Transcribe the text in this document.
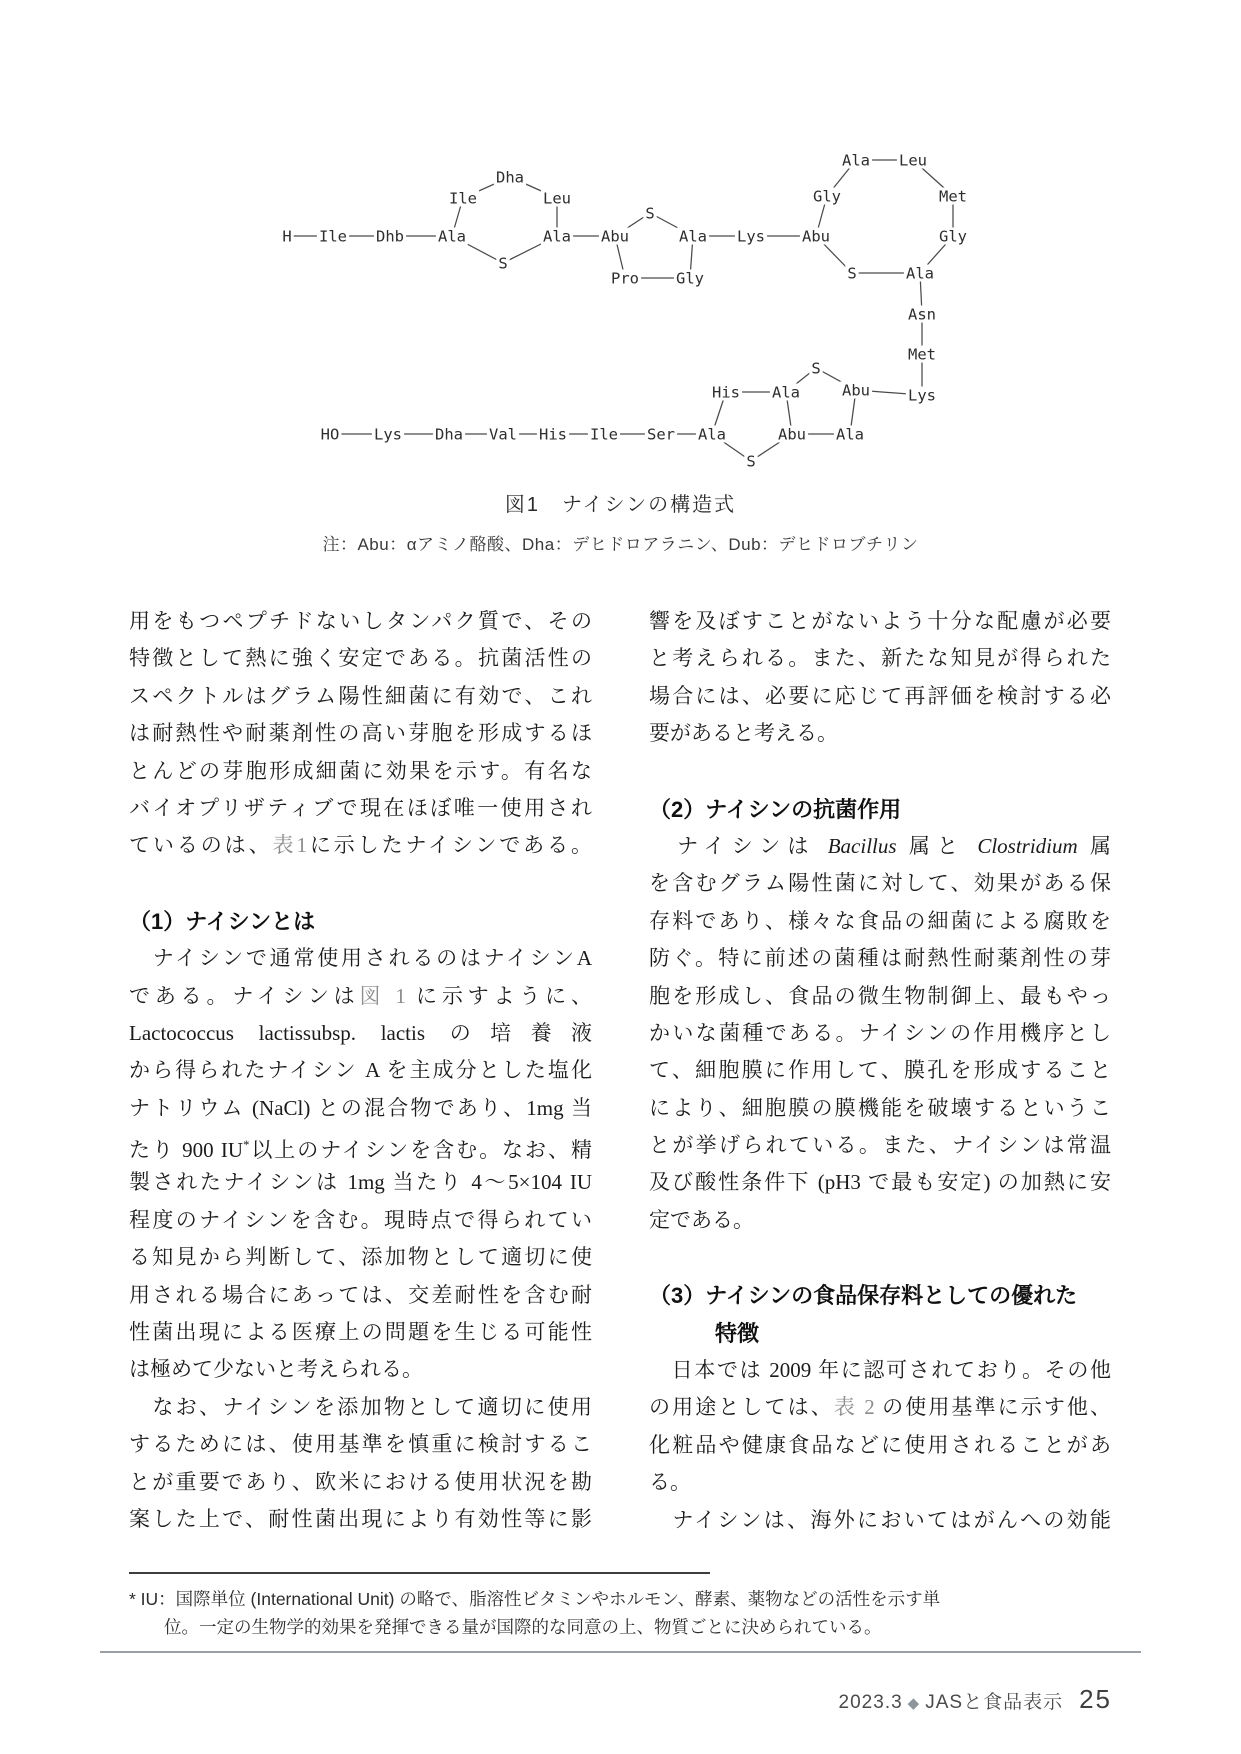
H Ile Dhb Ala
Ile
Dha
Leu
Ala
S
Abu
S
Ala
Pro Gly
Lys Abu
Gly
Ala Leu
Met
Gly
S	Ala
Asn
Met
Lys
Abu
S
Ala
His
Ala
Ser
Ile
His
Val
Dha
Lys
HO
S
Abu Ala
図1　ナイシンの構造式
注：Abu：αアミノ酪酸、Dha：デヒドロアラニン、Dub：デヒドロブチリン
用をもつペプチドないしタンパク質で、その
特徴として熱に強く安定である。抗菌活性の
スペクトルはグラム陽性細菌に有効で、これ
は耐熱性や耐薬剤性の高い芽胞を形成するほ
とんどの芽胞形成細菌に効果を示す。有名な
バイオプリザティブで現在ほぼ唯一使用され
ているのは、表1に示したナイシンである。
（1）ナイシンとは
　ナイシンで通常使用されるのはナイシンA
である。ナイシンは図 1 に示すように、
Lactococcus lactissubsp. lactis の培養液
から得られたナイシン A を主成分とした塩化
ナトリウム (NaCl) との混合物であり、1mg 当
たり 900 IU*以上のナイシンを含む。なお、精
製されたナイシンは 1mg 当たり 4〜5×104 IU
程度のナイシンを含む。現時点で得られてい
る知見から判断して、添加物として適切に使
用される場合にあっては、交差耐性を含む耐
性菌出現による医療上の問題を生じる可能性
は極めて少ないと考えられる。
　なお、ナイシンを添加物として適切に使用
するためには、使用基準を慎重に検討するこ
とが重要であり、欧米における使用状況を勘
案した上で、耐性菌出現により有効性等に影
響を及ぼすことがないよう十分な配慮が必要
と考えられる。また、新たな知見が得られた
場合には、必要に応じて再評価を検討する必
要があると考える。
（2）ナイシンの抗菌作用
　ナイシンは Bacillus 属と Clostridium 属
を含むグラム陽性菌に対して、効果がある保
存料であり、様々な食品の細菌による腐敗を
防ぐ。特に前述の菌種は耐熱性耐薬剤性の芽
胞を形成し、食品の微生物制御上、最もやっ
かいな菌種である。ナイシンの作用機序とし
て、細胞膜に作用して、膜孔を形成すること
により、細胞膜の膜機能を破壊するというこ
とが挙げられている。また、ナイシンは常温
及び酸性条件下 (pH3 で最も安定) の加熱に安
定である。
（3）ナイシンの食品保存料としての優れた
　　　特徴
　日本では 2009 年に認可されており。その他
の用途としては、表 2 の使用基準に示す他、
化粧品や健康食品などに使用されることがあ
る。
　ナイシンは、海外においてはがんへの効能
* IU：国際単位 (International Unit) の略で、脂溶性ビタミンやホルモン、酵素、薬物などの活性を示す単
　　位。一定の生物学的効果を発揮できる量が国際的な同意の上、物質ごとに決められている。
2023.3 ◆ JASと食品表示 25
